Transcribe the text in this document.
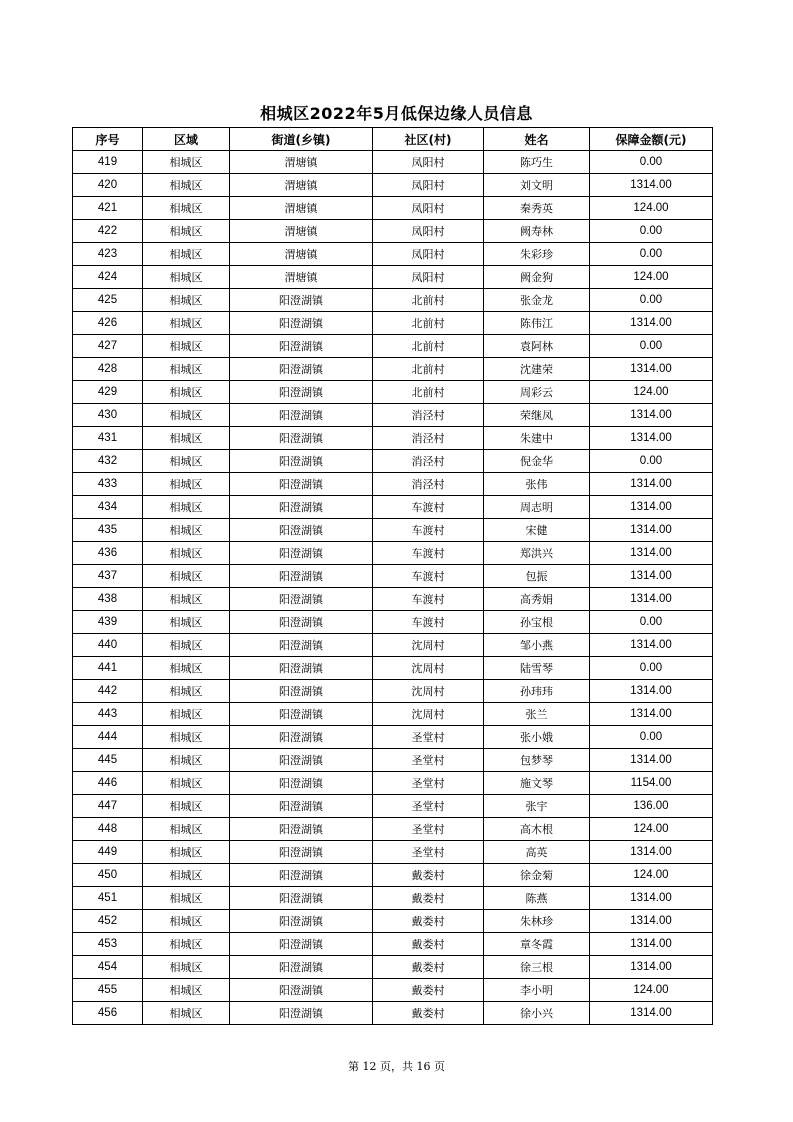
相城区2022年5月低保边缘人员信息
序号	区域	街道(乡镇)	社区(村)	姓名	保障金额(元)
419	相城区	渭塘镇	凤阳村	陈巧生	0.00
420	相城区	渭塘镇	凤阳村	刘文明	1314.00
421	相城区	渭塘镇	凤阳村	秦秀英	124.00
422	相城区	渭塘镇	凤阳村	阙寿林	0.00
423	相城区	渭塘镇	凤阳村	朱彩珍	0.00
424	相城区	渭塘镇	凤阳村	阙金狗	124.00
425	相城区	阳澄湖镇	北前村	张金龙	0.00
426	相城区	阳澄湖镇	北前村	陈伟江	1314.00
427	相城区	阳澄湖镇	北前村	袁阿林	0.00
428	相城区	阳澄湖镇	北前村	沈建荣	1314.00
429	相城区	阳澄湖镇	北前村	周彩云	124.00
430	相城区	阳澄湖镇	消泾村	荣继凤	1314.00
431	相城区	阳澄湖镇	消泾村	朱建中	1314.00
432	相城区	阳澄湖镇	消泾村	倪金华	0.00
433	相城区	阳澄湖镇	消泾村	张伟	1314.00
434	相城区	阳澄湖镇	车渡村	周志明	1314.00
435	相城区	阳澄湖镇	车渡村	宋健	1314.00
436	相城区	阳澄湖镇	车渡村	郑洪兴	1314.00
437	相城区	阳澄湖镇	车渡村	包振	1314.00
438	相城区	阳澄湖镇	车渡村	高秀娟	1314.00
439	相城区	阳澄湖镇	车渡村	孙宝根	0.00
440	相城区	阳澄湖镇	沈周村	邹小燕	1314.00
441	相城区	阳澄湖镇	沈周村	陆雪琴	0.00
442	相城区	阳澄湖镇	沈周村	孙玮玮	1314.00
443	相城区	阳澄湖镇	沈周村	张兰	1314.00
444	相城区	阳澄湖镇	圣堂村	张小娥	0.00
445	相城区	阳澄湖镇	圣堂村	包梦琴	1314.00
446	相城区	阳澄湖镇	圣堂村	施文琴	1154.00
447	相城区	阳澄湖镇	圣堂村	张宇	136.00
448	相城区	阳澄湖镇	圣堂村	高木根	124.00
449	相城区	阳澄湖镇	圣堂村	高英	1314.00
450	相城区	阳澄湖镇	戴娄村	徐金菊	124.00
451	相城区	阳澄湖镇	戴娄村	陈燕	1314.00
452	相城区	阳澄湖镇	戴娄村	朱林珍	1314.00
453	相城区	阳澄湖镇	戴娄村	章冬霞	1314.00
454	相城区	阳澄湖镇	戴娄村	徐三根	1314.00
455	相城区	阳澄湖镇	戴娄村	李小明	124.00
456	相城区	阳澄湖镇	戴娄村	徐小兴	1314.00
第 12 页，共 16 页
